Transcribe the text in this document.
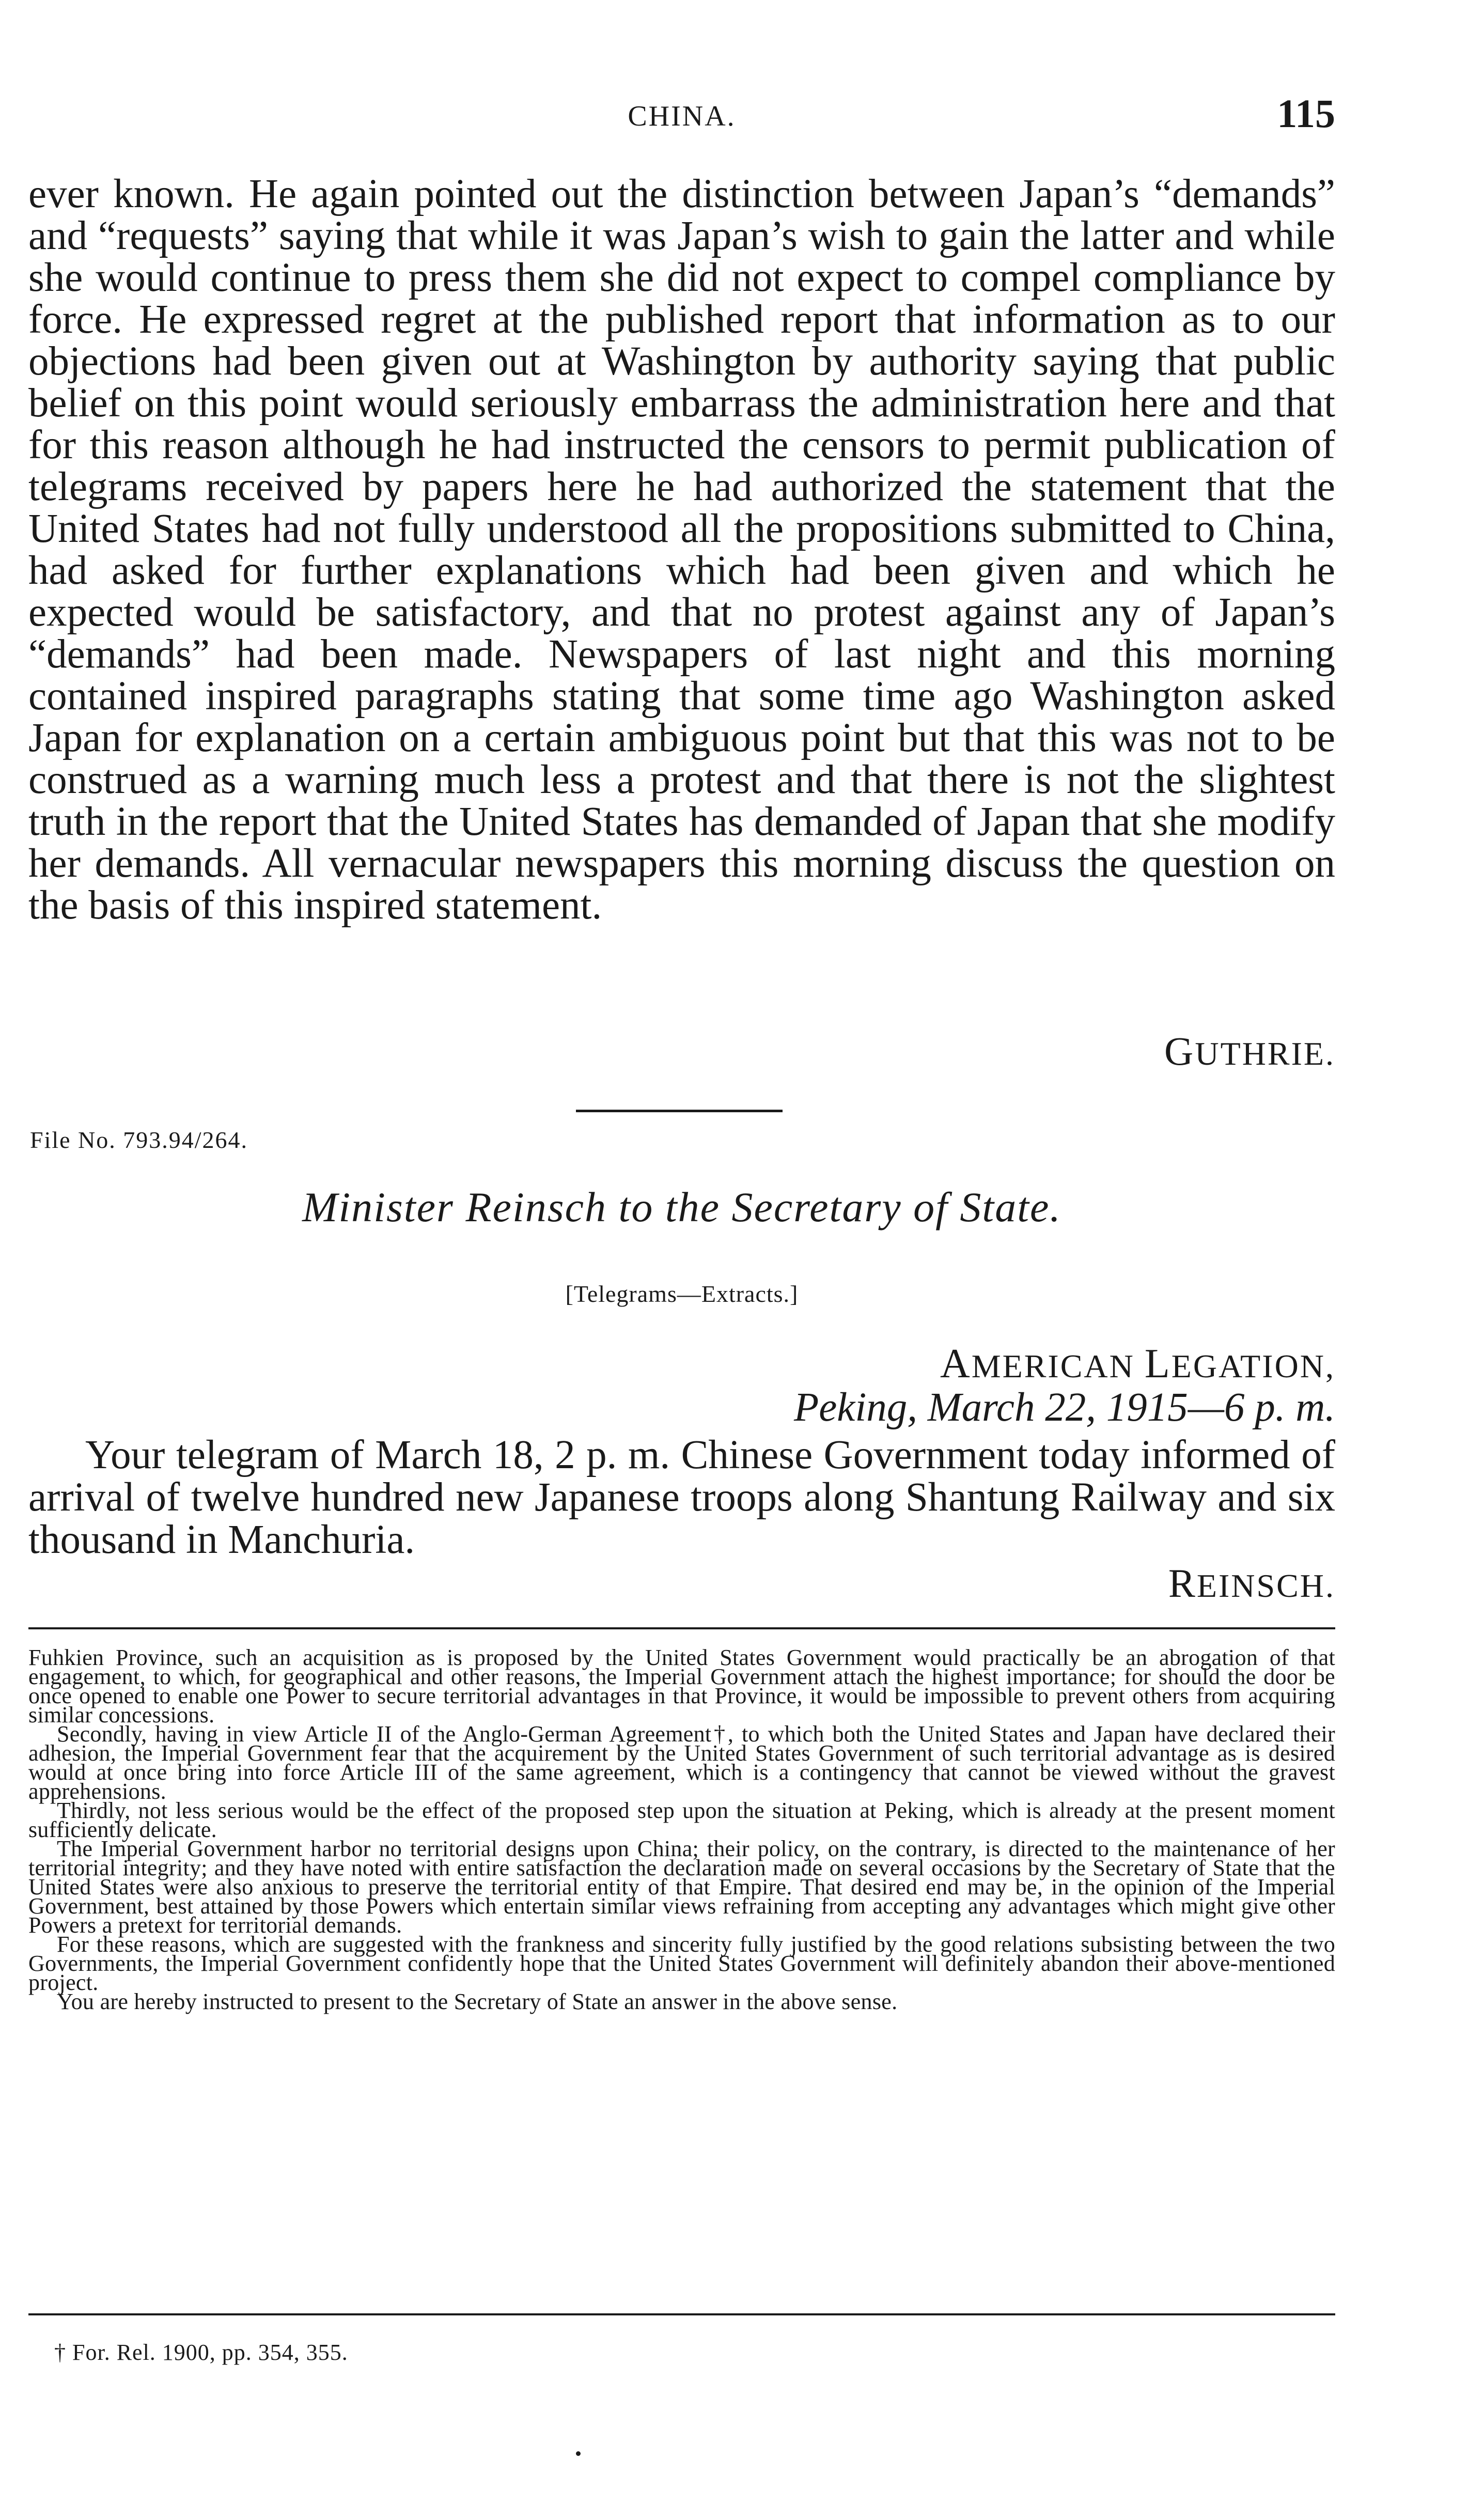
CHINA.	115

ever known. He again pointed out the distinction between Japan’s “demands” and “requests” saying that while it was Japan’s wish to gain the latter and while she would continue to press them she did not expect to compel compliance by force. He expressed regret at the published report that information as to our objections had been given out at Washington by authority saying that public belief on this point would seriously embarrass the administration here and that for this reason although he had instructed the censors to permit publication of telegrams received by papers here he had authorized the statement that the United States had not fully understood all the propositions submitted to China, had asked for further explanations which had been given and which he expected would be satisfactory, and that no protest against any of Japan’s “demands” had been made. Newspapers of last night and this morning contained inspired paragraphs stating that some time ago Washington asked Japan for explanation on a certain ambiguous point but that this was not to be construed as a warning much less a protest and that there is not the slightest truth in the report that the United States has demanded of Japan that she modify her demands. All vernacular newspapers this morning discuss the question on the basis of this inspired statement.

GUTHRIE.
File No. 793.94/264.
Minister Reinsch to the Secretary of State.
[Telegrams—Extracts.]
AMERICAN LEGATION,
Peking, March 22, 1915—6 p. m.

Your telegram of March 18, 2 p. m. Chinese Government today informed of arrival of twelve hundred new Japanese troops along Shantung Railway and six thousand in Manchuria.

REINSCH.

Fuhkien Province, such an acquisition as is proposed by the United States Government would practically be an abrogation of that engagement, to which, for geographical and other reasons, the Imperial Government attach the highest importance; for should the door be once opened to enable one Power to secure territorial advantages in that Province, it would be impossible to prevent others from acquiring similar concessions.

Secondly, having in view Article II of the Anglo-German Agreement†, to which both the United States and Japan have declared their adhesion, the Imperial Government fear that the acquirement by the United States Government of such territorial advantage as is desired would at once bring into force Article III of the same agreement, which is a contingency that cannot be viewed without the gravest apprehensions.

Thirdly, not less serious would be the effect of the proposed step upon the situation at Peking, which is already at the present moment sufficiently delicate.

The Imperial Government harbor no territorial designs upon China; their policy, on the contrary, is directed to the maintenance of her territorial integrity; and they have noted with entire satisfaction the declaration made on several occasions by the Secretary of State that the United States were also anxious to preserve the territorial entity of that Empire. That desired end may be, in the opinion of the Imperial Government, best attained by those Powers which entertain similar views refraining from accepting any advantages which might give other Powers a pretext for territorial demands.

For these reasons, which are suggested with the frankness and sincerity fully justified by the good relations subsisting between the two Governments, the Imperial Government confidently hope that the United States Government will definitely abandon their above-mentioned project.

You are hereby instructed to present to the Secretary of State an answer in the above sense.

† For. Rel. 1900, pp. 354, 355.
